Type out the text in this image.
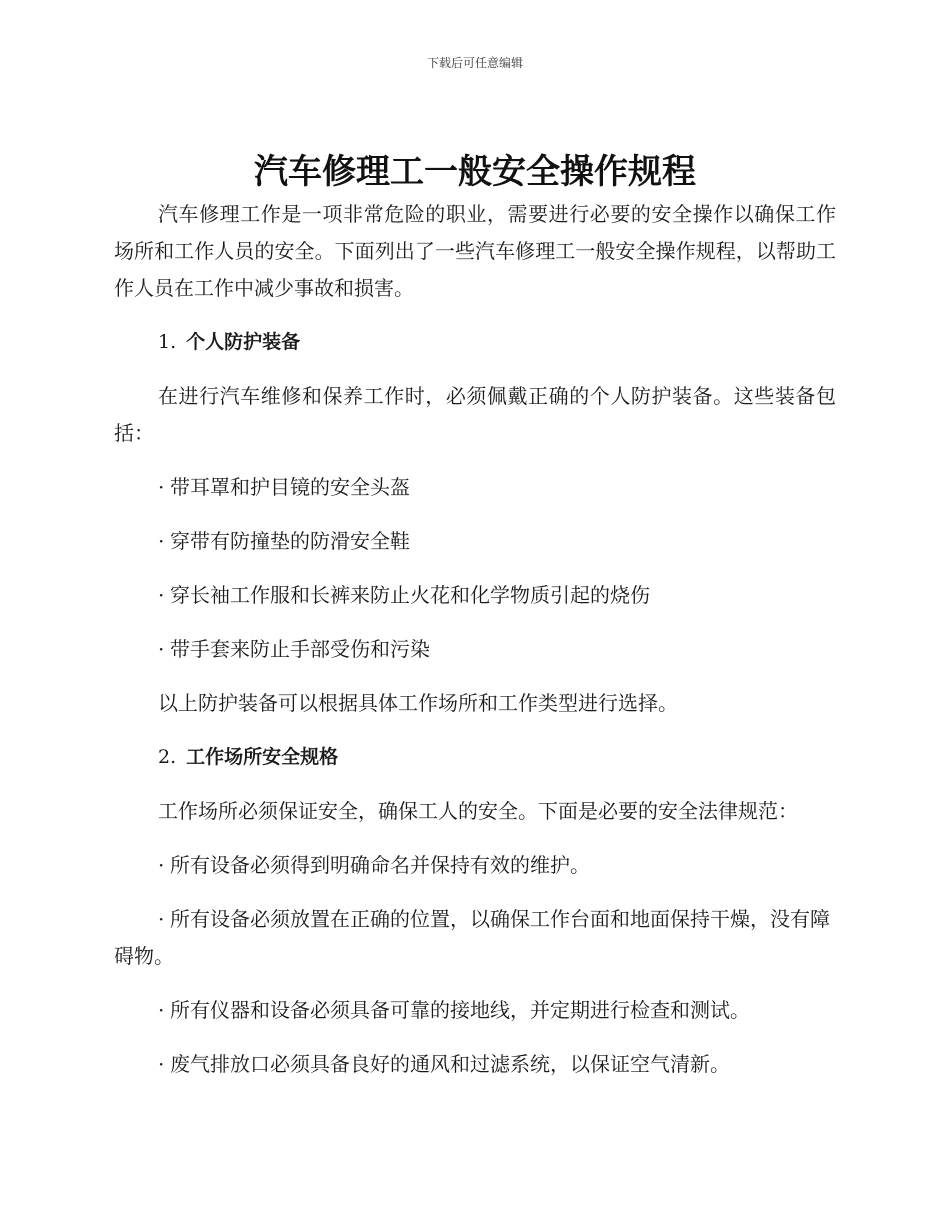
下载后可任意编辑
汽车修理工一般安全操作规程

汽车修理工作是一项非常危险的职业，需要进行必要的安全操作以确保工作场所和工作人员的安全。下面列出了一些汽车修理工一般安全操作规程，以帮助工作人员在工作中减少事故和损害。

1. 个人防护装备

在进行汽车维修和保养工作时，必须佩戴正确的个人防护装备。这些装备包括：

· 带耳罩和护目镜的安全头盔

· 穿带有防撞垫的防滑安全鞋

· 穿长袖工作服和长裤来防止火花和化学物质引起的烧伤

· 带手套来防止手部受伤和污染

以上防护装备可以根据具体工作场所和工作类型进行选择。

2. 工作场所安全规格

工作场所必须保证安全，确保工人的安全。下面是必要的安全法律规范：

· 所有设备必须得到明确命名并保持有效的维护。

· 所有设备必须放置在正确的位置，以确保工作台面和地面保持干燥，没有障碍物。

· 所有仪器和设备必须具备可靠的接地线，并定期进行检查和测试。

· 废气排放口必须具备良好的通风和过滤系统，以保证空气清新。
